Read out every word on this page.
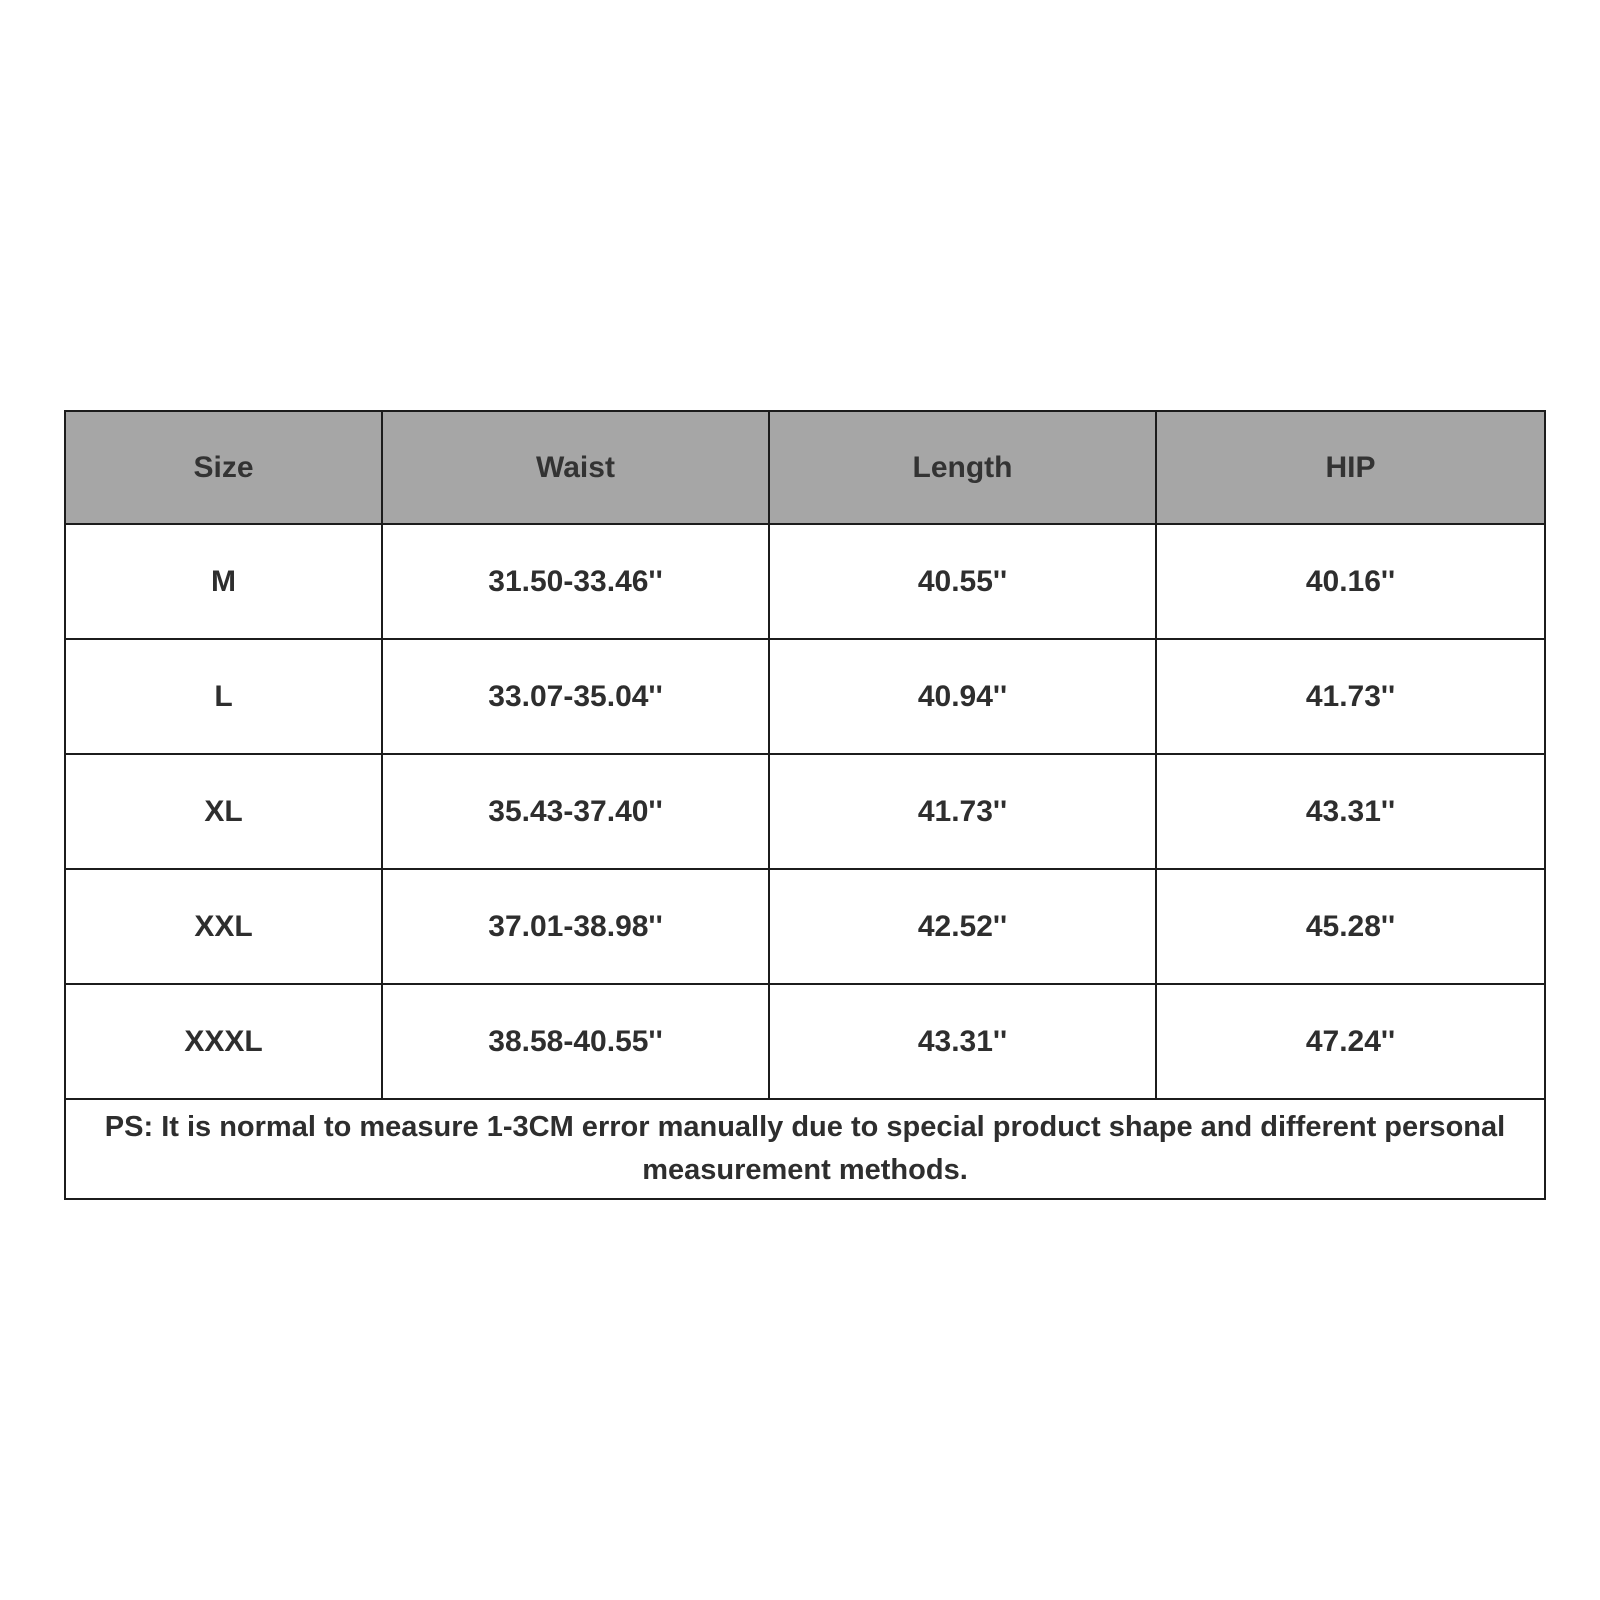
Size	Waist	Length	HIP
M	31.50-33.46''	40.55''	40.16''
L	33.07-35.04''	40.94''	41.73''
XL	35.43-37.40''	41.73''	43.31''
XXL	37.01-38.98''	42.52''	45.28''
XXXL	38.58-40.55''	43.31''	47.24''
PS: It is normal to measure 1-3CM error manually due to special product shape and different personal measurement methods.			
